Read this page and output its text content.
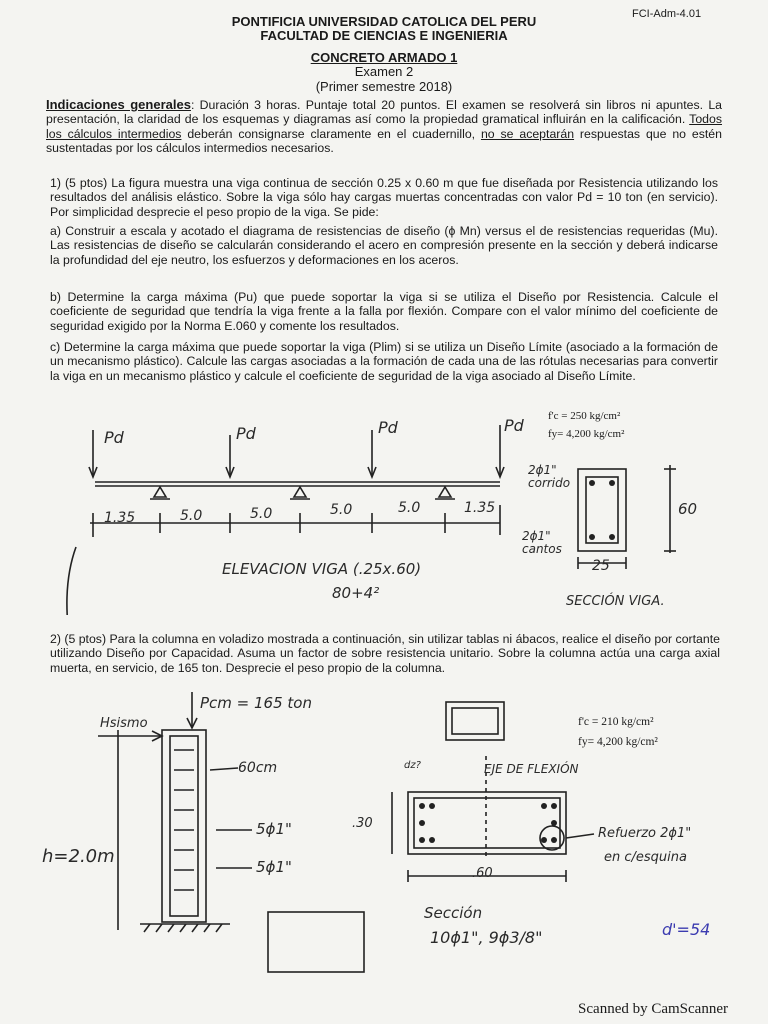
FCI-Adm-4.01
PONTIFICIA UNIVERSIDAD CATOLICA DEL PERU
FACULTAD DE CIENCIAS E INGENIERIA
CONCRETO ARMADO 1
Examen 2
(Primer semestre 2018)
Indicaciones generales: Duración 3 horas. Puntaje total 20 puntos. El examen se resolverá sin libros ni apuntes. La presentación, la claridad de los esquemas y diagramas así como la propiedad gramatical influirán en la calificación. Todos los cálculos intermedios deberán consignarse claramente en el cuadernillo, no se aceptarán respuestas que no estén sustentadas por los cálculos intermedios necesarios.
1) (5 ptos) La figura muestra una viga continua de sección 0.25 x 0.60 m que fue diseñada por Resistencia utilizando los resultados del análisis elástico. Sobre la viga sólo hay cargas muertas concentradas con valor Pd = 10 ton (en servicio). Por simplicidad desprecie el peso propio de la viga. Se pide:
a) Construir a escala y acotado el diagrama de resistencias de diseño (ϕ Mn) versus el de resistencias requeridas (Mu). Las resistencias de diseño se calcularán considerando el acero en compresión presente en la sección y deberá indicarse la profundidad del eje neutro, los esfuerzos y deformaciones en los aceros.
b) Determine la carga máxima (Pu) que puede soportar la viga si se utiliza el Diseño por Resistencia. Calcule el coeficiente de seguridad que tendría la viga frente a la falla por flexión. Compare con el valor mínimo del coeficiente de seguridad exigido por la Norma E.060 y comente los resultados.
c) Determine la carga máxima que puede soportar la viga (Plim) si se utiliza un Diseño Límite (asociado a la formación de un mecanismo plástico). Calcule las cargas asociadas a la formación de cada una de las rótulas necesarias para convertir la viga en un mecanismo plástico y calcule el coeficiente de seguridad de la viga asociado al Diseño Límite.
f'c = 250 kg/cm²
fy= 4,200 kg/cm²
Pd	Pd	Pd	Pd
1.35	5.0	5.0	5.0	5.0	1.35
ELEVACION VIGA (.25x.60)
80+4²
2ϕ1" corrido
2ϕ1" cantos
60
25
SECCIÓN VIGA.
2) (5 ptos) Para la columna en voladizo mostrada a continuación, sin utilizar tablas ni ábacos, realice el diseño por cortante utilizando Diseño por Capacidad. Asuma un factor de sobre resistencia unitario. Sobre la columna actúa una carga axial muerta, en servicio, de 165 ton. Desprecie el peso propio de la columna.
f'c = 210 kg/cm²
fy= 4,200 kg/cm²
Hsismo
Pcm = 165 ton
60cm
5ϕ1"
5ϕ1"
h=2.0m
EJE DE FLEXIÓN
.30
.60
Refuerzo 2ϕ1"
en c/esquina
Sección
10ϕ1", 9ϕ3/8"	d'=54
dz?
Scanned by CamScanner
